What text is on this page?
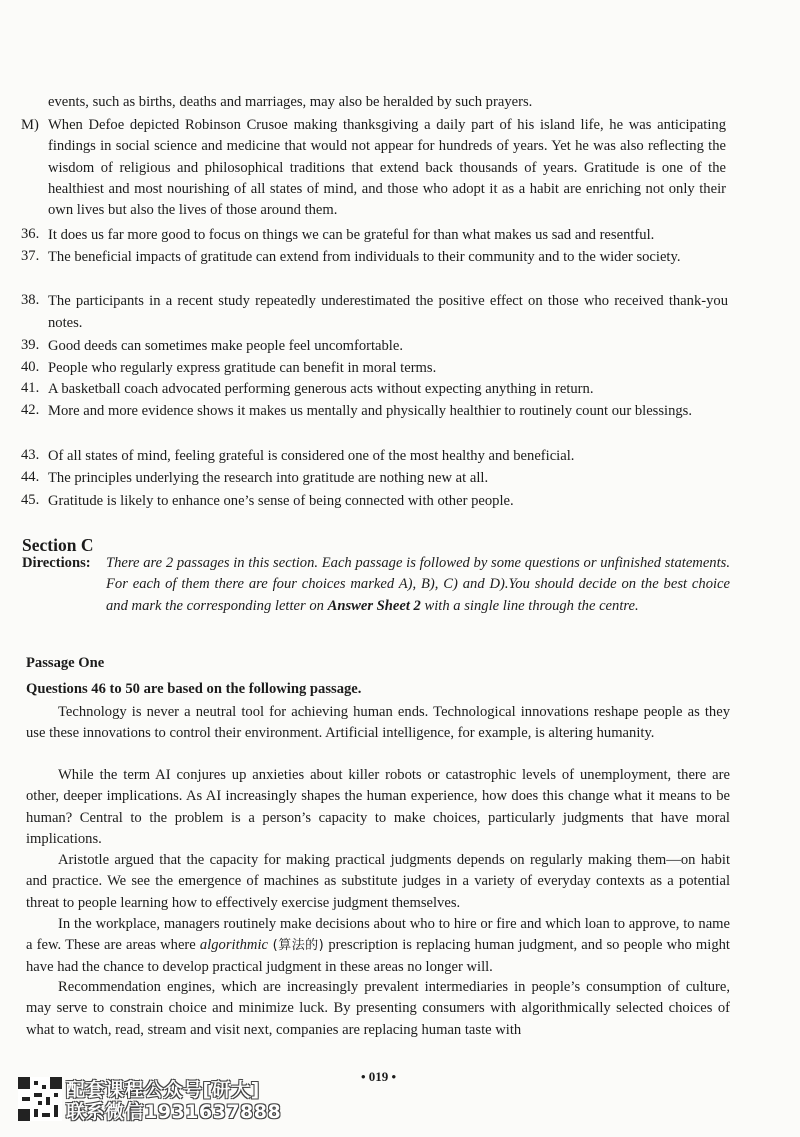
events, such as births, deaths and marriages, may also be heralded by such prayers.
M) When Defoe depicted Robinson Crusoe making thanksgiving a daily part of his island life, he was anticipating findings in social science and medicine that would not appear for hundreds of years. Yet he was also reflecting the wisdom of religious and philosophical traditions that extend back thousands of years. Gratitude is one of the healthiest and most nourishing of all states of mind, and those who adopt it as a habit are enriching not only their own lives but also the lives of those around them.
36. It does us far more good to focus on things we can be grateful for than what makes us sad and resentful.
37. The beneficial impacts of gratitude can extend from individuals to their community and to the wider society.
38. The participants in a recent study repeatedly underestimated the positive effect on those who received thank-you notes.
39. Good deeds can sometimes make people feel uncomfortable.
40. People who regularly express gratitude can benefit in moral terms.
41. A basketball coach advocated performing generous acts without expecting anything in return.
42. More and more evidence shows it makes us mentally and physically healthier to routinely count our blessings.
43. Of all states of mind, feeling grateful is considered one of the most healthy and beneficial.
44. The principles underlying the research into gratitude are nothing new at all.
45. Gratitude is likely to enhance one’s sense of being connected with other people.
Section C
Directions: There are 2 passages in this section. Each passage is followed by some questions or unfinished statements. For each of them there are four choices marked A), B), C) and D).You should decide on the best choice and mark the corresponding letter on Answer Sheet 2 with a single line through the centre.
Passage One
Questions 46 to 50 are based on the following passage.
Technology is never a neutral tool for achieving human ends. Technological innovations reshape people as they use these innovations to control their environment. Artificial intelligence, for example, is altering humanity.
While the term AI conjures up anxieties about killer robots or catastrophic levels of unemployment, there are other, deeper implications. As AI increasingly shapes the human experience, how does this change what it means to be human? Central to the problem is a person’s capacity to make choices, particularly judgments that have moral implications.
Aristotle argued that the capacity for making practical judgments depends on regularly making them—on habit and practice. We see the emergence of machines as substitute judges in a variety of everyday contexts as a potential threat to people learning how to effectively exercise judgment themselves.
In the workplace, managers routinely make decisions about who to hire or fire and which loan to approve, to name a few. These are areas where algorithmic (算法的) prescription is replacing human judgment, and so people who might have had the chance to develop practical judgment in these areas no longer will.
Recommendation engines, which are increasingly prevalent intermediaries in people’s consumption of culture, may serve to constrain choice and minimize luck. By presenting consumers with algorithmically selected choices of what to watch, read, stream and visit next, companies are replacing human taste with
• 019 •
配套课程公众号[研大]
联系微信1931637888
